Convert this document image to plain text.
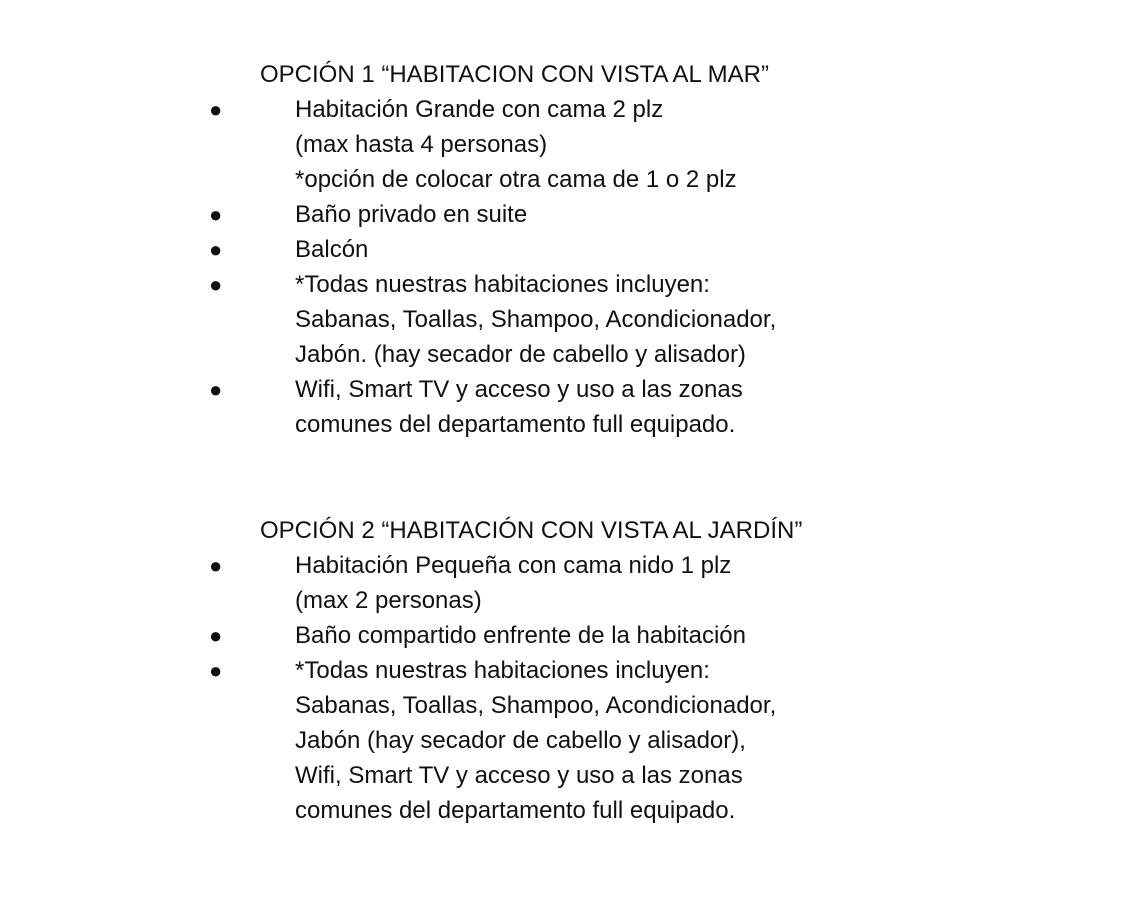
OPCIÓN 1 “HABITACION CON VISTA AL MAR”
●	Habitación Grande con cama 2 plz
(max hasta 4 personas)
*opción de colocar otra cama de 1 o 2 plz
●	Baño privado en suite
●	Balcón
●	*Todas nuestras habitaciones incluyen:
Sabanas, Toallas, Shampoo, Acondicionador,
Jabón. (hay secador de cabello y alisador)
●	Wifi, Smart TV y acceso y uso a las zonas
comunes del departamento full equipado.
OPCIÓN 2 “HABITACIÓN CON VISTA AL JARDÍN”
●	Habitación Pequeña con cama nido 1 plz
(max 2 personas)
●	Baño compartido enfrente de la habitación
●	*Todas nuestras habitaciones incluyen:
Sabanas, Toallas, Shampoo, Acondicionador,
Jabón (hay secador de cabello y alisador),
Wifi, Smart TV y acceso y uso a las zonas
comunes del departamento full equipado.
